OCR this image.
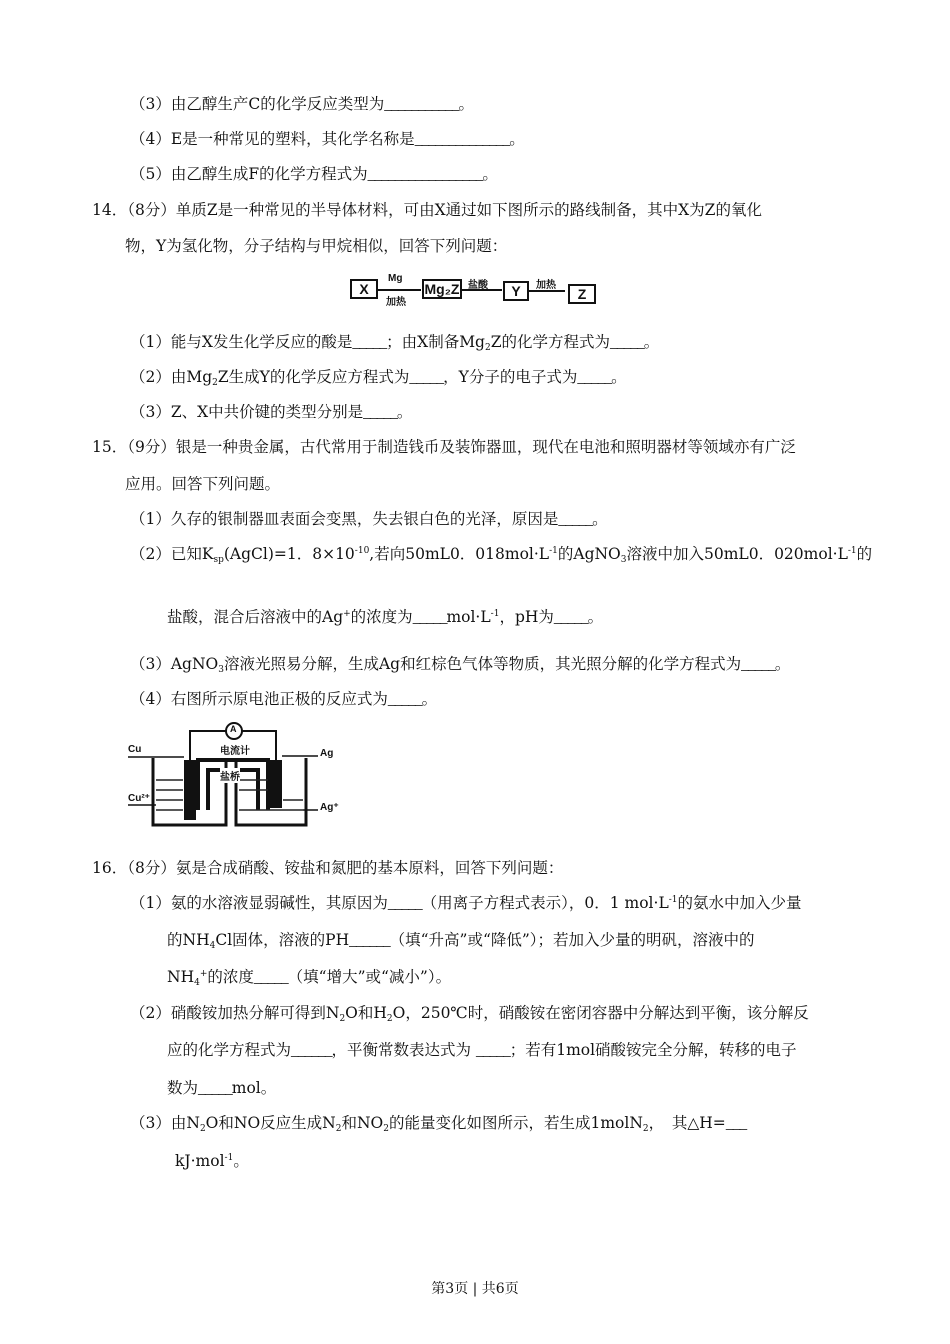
（3）由乙醇生产C的化学反应类型为___________。
（4）E是一种常见的塑料，其化学名称是______________。
（5）由乙醇生成F的化学方程式为_________________。
14．（8分）单质Z是一种常见的半导体材料，可由X通过如下图所示的路线制备，其中X为Z的氧化
物，Y为氢化物，分子结构与甲烷相似，回答下列问题：
（1）能与X发生化学反应的酸是_____；由X制备$Mg_2Z$的化学方程式为_____。
（2）由$Mg_2Z$生成Y的化学反应方程式为_____，Y分子的电子式为_____。
（3）Z、X中共价键的类型分别是_____。
15．（9分）银是一种贵金属，古代常用于制造钱币及装饰器皿，现代在电池和照明器材等领域亦有广泛
应用。回答下列问题。
（1）久存的银制器皿表面会变黑，失去银白色的光泽，原因是_____。
（2）已知$K_{sp}(AgCl)=1$．$8\times 10^{-10}$,若向50mL0．$018mol\cdot L^{-1}$的AgNO$_3$溶液中加入50mL0．$020mol\cdot L^{-1}$的
盐酸，混合后溶液中的Ag+的浓度为$\_\_\_\_\_mol\cdot L^{-1}$，pH为_____。
（3）AgNO$_3$溶液光照易分解，生成Ag和红棕色气体等物质，其光照分解的化学方程式为_____。
（4）右图所示原电池正极的反应式为_____。
16．（8分）氨是合成硝酸、铵盐和氮肥的基本原料，回答下列问题：
（1）氨的水溶液显弱碱性，其原因为_____（用离子方程式表示），0．1 $mol\cdot L^{-1}$的氨水中加入少量
的$NH_4Cl$固体，溶液的PH______（填“升高”或“降低”）；若加入少量的明矾，溶液中的
$NH_4^+$的浓度_____（填“增大”或“减小”）。
（2）硝酸铵加热分解可得到$N_2O$和$H_2O$，250℃时，硝酸铵在密闭容器中分解达到平衡，该分解反
应的化学方程式为______，平衡常数表达式为 _____；若有1mol硝酸铵完全分解，转移的电子
数为_____mol。
（3）由$N_2O$和NO反应生成$N_2$和$NO_2$的能量变化如图所示，若生成1molN$_2$，　其△H=___
kJ·mol$^{-1}$。
X
Mg
加热
Mg₂Z 盐酸	Y	加热
Z
A
电流计
盐桥
Cu
Cu²⁺
Ag
Ag⁺
第3页 | 共6页
